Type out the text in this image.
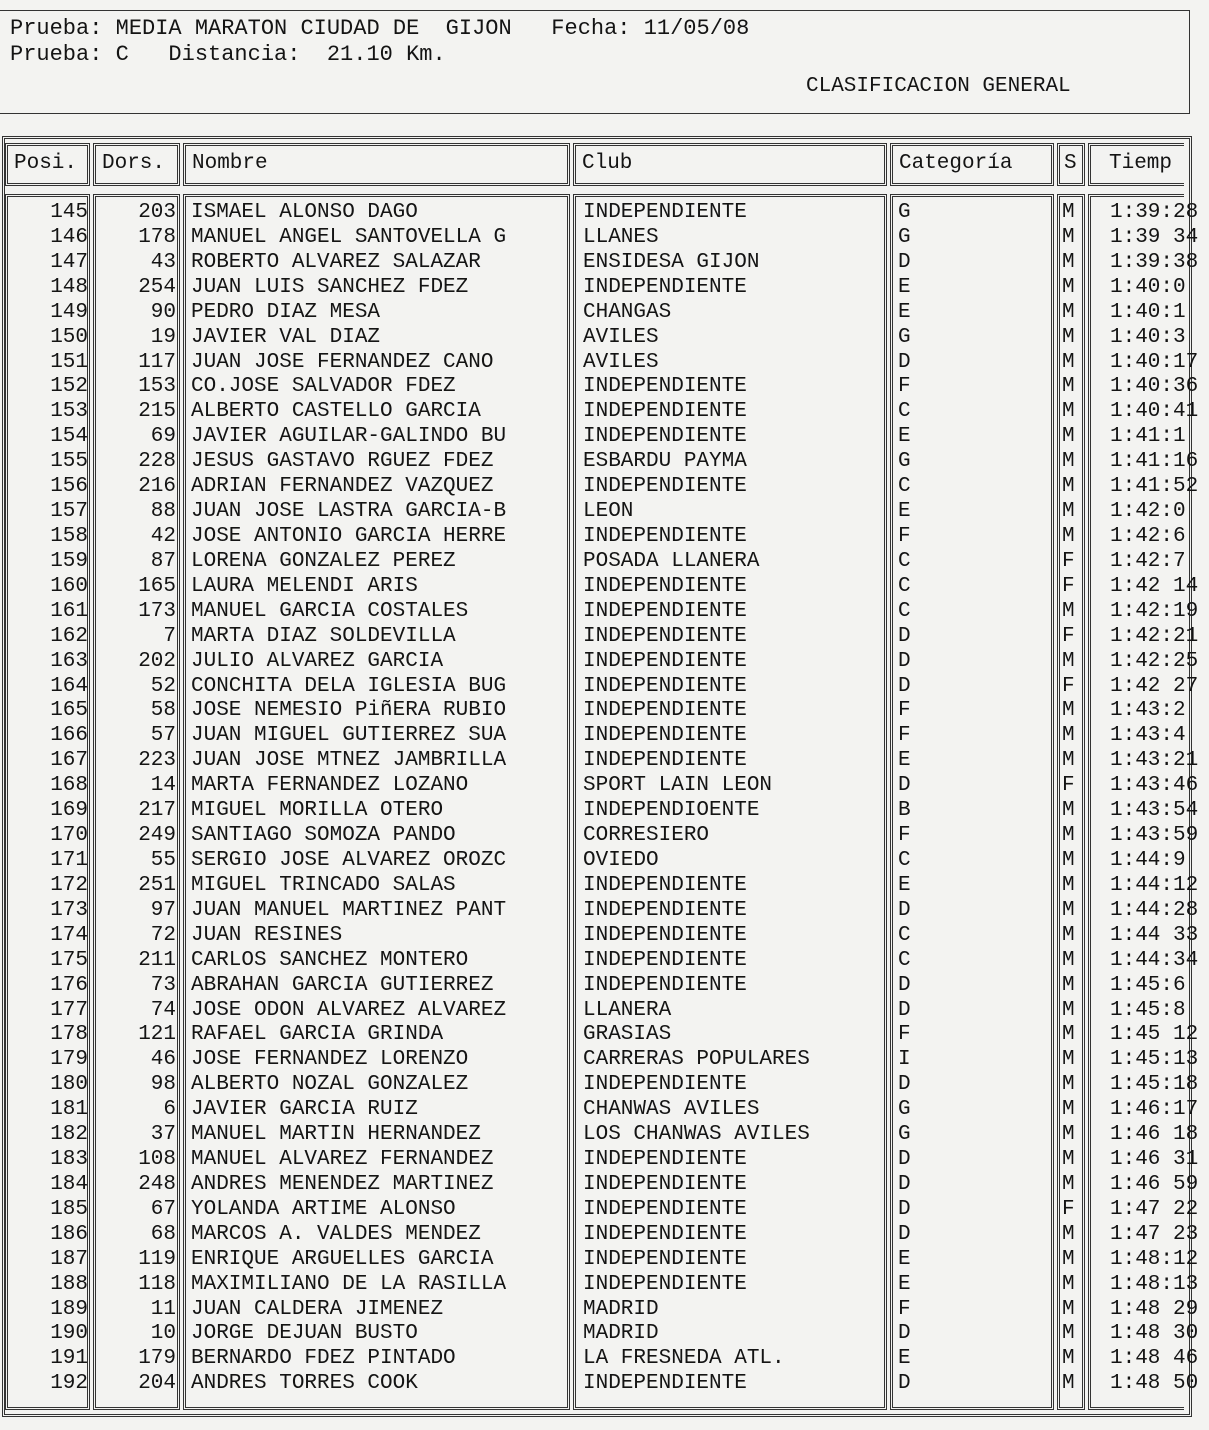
Prueba: MEDIA MARATON CIUDAD DE  GIJON   Fecha: 11/05/08
Prueba: C   Distancia:  21.10 Km.
CLASIFICACION GENERAL
Posi.	Dors.	Nombre	Club	Categoría	S	Tiemp
145	203 ISMAEL ALONSO DAGO	INDEPENDIENTE	G	M 1:39:28
146	178 MANUEL ANGEL SANTOVELLA G	LLANES	G	M 1:39 34
147	43 ROBERTO ALVAREZ SALAZAR	ENSIDESA GIJON	D	M 1:39:38
148	254 JUAN LUIS SANCHEZ FDEZ	INDEPENDIENTE	E	M 1:40:0
149	90 PEDRO DIAZ MESA	CHANGAS	E	M 1:40:1
150	19 JAVIER VAL DIAZ	AVILES	G	M 1:40:3
151	117 JUAN JOSE FERNANDEZ CANO	AVILES	D	M 1:40:17
152	153 CO.JOSE SALVADOR FDEZ	INDEPENDIENTE	F	M 1:40:36
153	215 ALBERTO CASTELLO GARCIA	INDEPENDIENTE	C	M 1:40:41
154	69 JAVIER AGUILAR-GALINDO BU	INDEPENDIENTE	E	M 1:41:1
155	228 JESUS GASTAVO RGUEZ FDEZ	ESBARDU PAYMA	G	M 1:41:16
156	216 ADRIAN FERNANDEZ VAZQUEZ	INDEPENDIENTE	C	M 1:41:52
157	88 JUAN JOSE LASTRA GARCIA-B	LEON	E	M 1:42:0
158	42 JOSE ANTONIO GARCIA HERRE	INDEPENDIENTE	F	M 1:42:6
159	87 LORENA GONZALEZ PEREZ	POSADA LLANERA	C	F 1:42:7
160	165 LAURA MELENDI ARIS	INDEPENDIENTE	C	F 1:42 14
161	173 MANUEL GARCIA COSTALES	INDEPENDIENTE	C	M 1:42:19
162	7 MARTA DIAZ SOLDEVILLA	INDEPENDIENTE	D	F 1:42:21
163	202 JULIO ALVAREZ GARCIA	INDEPENDIENTE	D	M 1:42:25
164	52 CONCHITA DELA IGLESIA BUG	INDEPENDIENTE	D	F 1:42 27
165	58 JOSE NEMESIO PiñERA RUBIO	INDEPENDIENTE	F	M 1:43:2
166	57 JUAN MIGUEL GUTIERREZ SUA	INDEPENDIENTE	F	M 1:43:4
167	223 JUAN JOSE MTNEZ JAMBRILLA	INDEPENDIENTE	E	M 1:43:21
168	14 MARTA FERNANDEZ LOZANO	SPORT LAIN LEON	D	F 1:43:46
169	217 MIGUEL MORILLA OTERO	INDEPENDIOENTE	B	M 1:43:54
170	249 SANTIAGO SOMOZA PANDO	CORRESIERO	F	M 1:43:59
171	55 SERGIO JOSE ALVAREZ OROZC	OVIEDO	C	M 1:44:9
172	251 MIGUEL TRINCADO SALAS	INDEPENDIENTE	E	M 1:44:12
173	97 JUAN MANUEL MARTINEZ PANT	INDEPENDIENTE	D	M 1:44:28
174	72 JUAN RESINES	INDEPENDIENTE	C	M 1:44 33
175	211 CARLOS SANCHEZ MONTERO	INDEPENDIENTE	C	M 1:44:34
176	73 ABRAHAN GARCIA GUTIERREZ	INDEPENDIENTE	D	M 1:45:6
177	74 JOSE ODON ALVAREZ ALVAREZ	LLANERA	D	M 1:45:8
178	121 RAFAEL GARCIA GRINDA	GRASIAS	F	M 1:45 12
179	46 JOSE FERNANDEZ LORENZO	CARRERAS POPULARES	I	M 1:45:13
180	98 ALBERTO NOZAL GONZALEZ	INDEPENDIENTE	D	M 1:45:18
181	6 JAVIER GARCIA RUIZ	CHANWAS AVILES	G	M 1:46:17
182	37 MANUEL MARTIN HERNANDEZ	LOS CHANWAS AVILES	G	M 1:46 18
183	108 MANUEL ALVAREZ FERNANDEZ	INDEPENDIENTE	D	M 1:46 31
184	248 ANDRES MENENDEZ MARTINEZ	INDEPENDIENTE	D	M 1:46 59
185	67 YOLANDA ARTIME ALONSO	INDEPENDIENTE	D	F 1:47 22
186	68 MARCOS A. VALDES MENDEZ	INDEPENDIENTE	D	M 1:47 23
187	119 ENRIQUE ARGUELLES GARCIA	INDEPENDIENTE	E	M 1:48:12
188	118 MAXIMILIANO DE LA RASILLA	INDEPENDIENTE	E	M 1:48:13
189	11 JUAN CALDERA JIMENEZ	MADRID	F	M 1:48 29
190	10 JORGE DEJUAN BUSTO	MADRID	D	M 1:48 30
191	179 BERNARDO FDEZ PINTADO	LA FRESNEDA ATL.	E	M 1:48 46
192	204 ANDRES TORRES COOK	INDEPENDIENTE	D	M 1:48 50
